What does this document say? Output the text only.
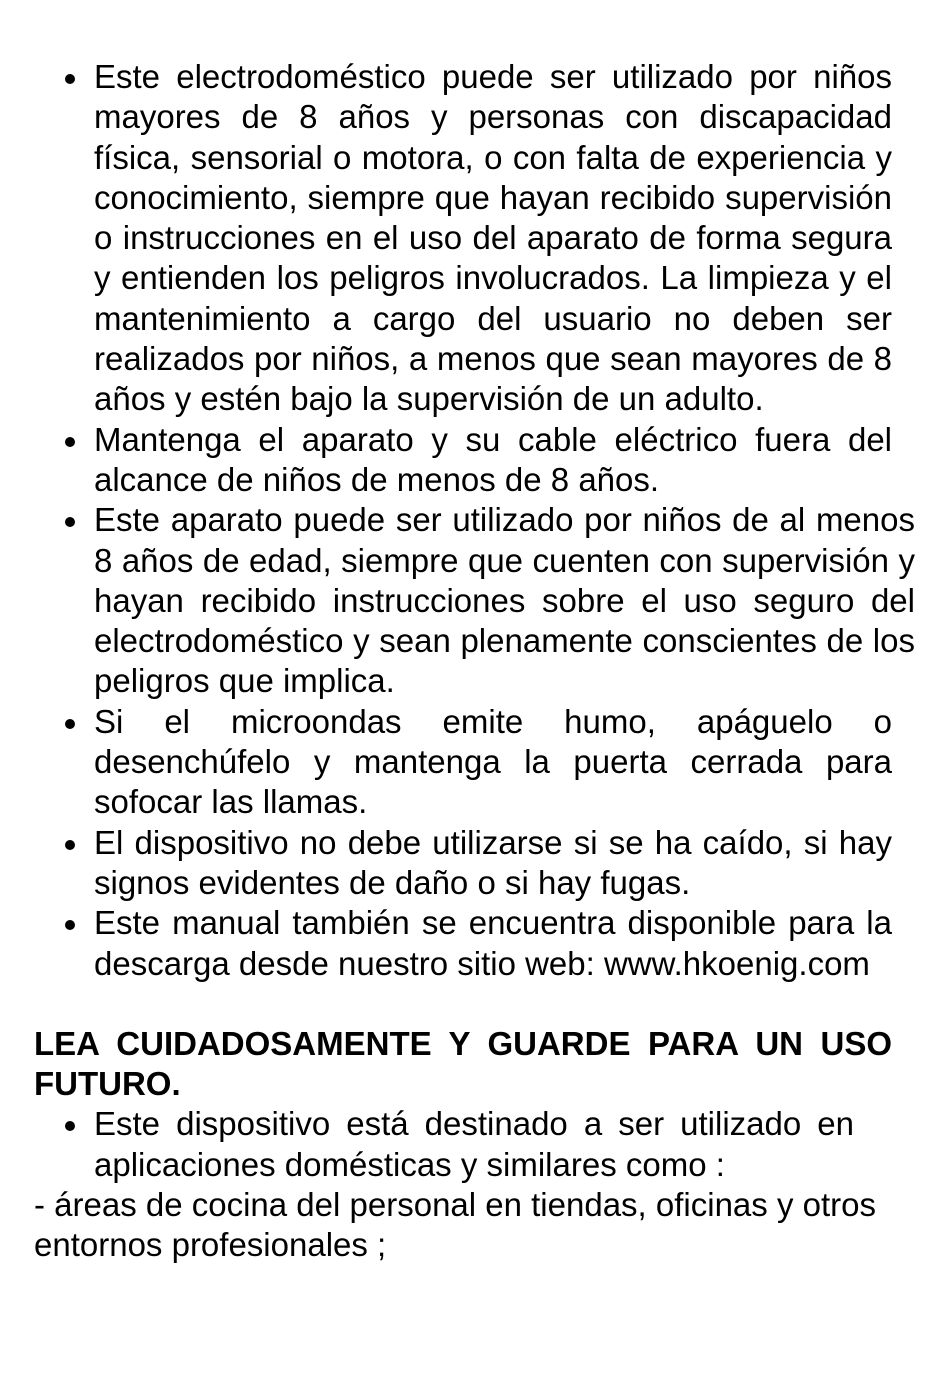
Este electrodoméstico puede ser utilizado por niños mayores de 8 años y personas con discapacidad física, sensorial o motora, o con falta de experiencia y conocimiento, siempre que hayan recibido supervisión o instrucciones en el uso del aparato de forma segura y entienden los peligros involucrados. La limpieza y el mantenimiento a cargo del usuario no deben ser realizados por niños, a menos que sean mayores de 8 años y estén bajo la supervisión de un adulto.
Mantenga el aparato y su cable eléctrico fuera del alcance de niños de menos de 8 años.
Este aparato puede ser utilizado por niños de al menos 8 años de edad, siempre que cuenten con supervisión y hayan recibido instrucciones sobre el uso seguro del electrodoméstico y sean plenamente conscientes de los peligros que implica.
Si el microondas emite humo, apáguelo o desenchúfelo y mantenga la puerta cerrada para sofocar las llamas.
El dispositivo no debe utilizarse si se ha caído, si hay signos evidentes de daño o si hay fugas.
Este manual también se encuentra disponible para la descarga desde nuestro sitio web: www.hkoenig.com

LEA CUIDADOSAMENTE Y GUARDE PARA UN USO FUTURO.

Este dispositivo está destinado a ser utilizado en aplicaciones domésticas y similares como :

- áreas de cocina del personal en tiendas, oficinas y otros entornos profesionales ;
